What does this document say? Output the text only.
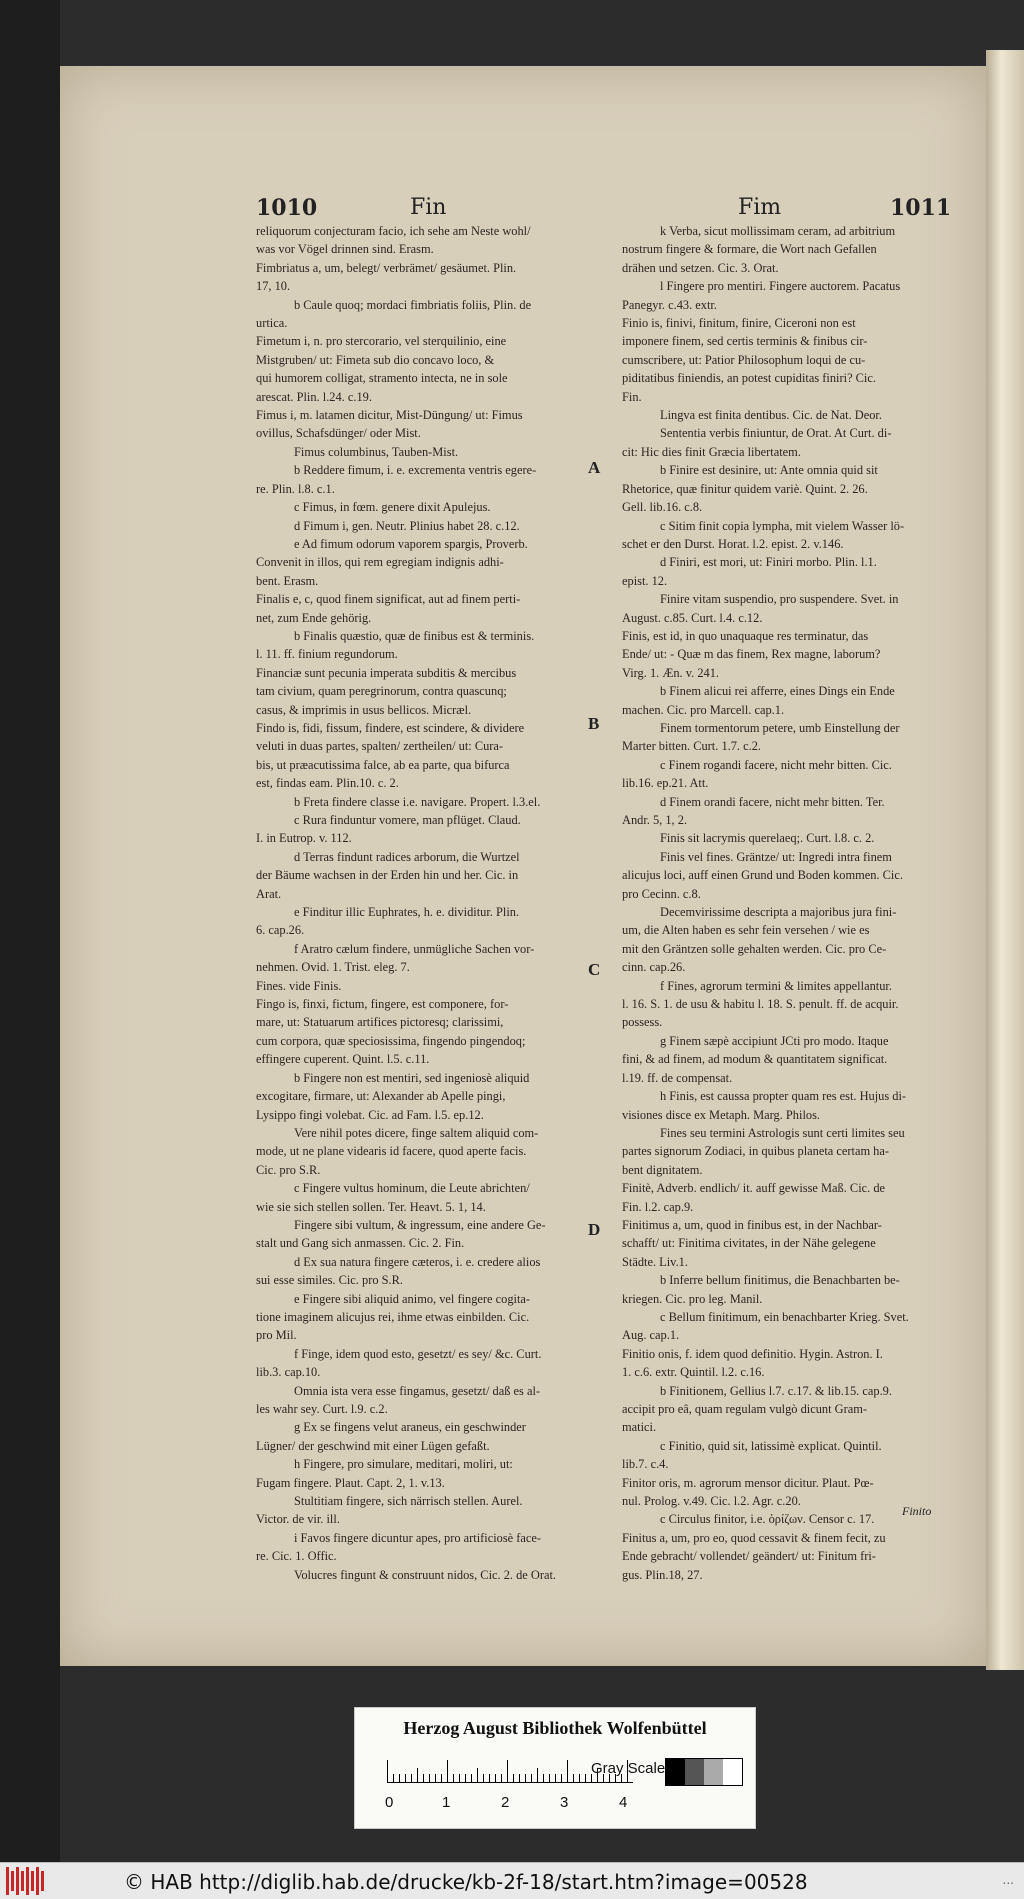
1010	Fin	Fim	1011

reliquorum conjecturam facio, ich sehe am Neste wohl/

was vor Vögel drinnen sind. Erasm.

Fimbriatus a, um, belegt/ verbrämet/ gesäumet. Plin.

17, 10.

b Caule quoq; mordaci fimbriatis foliis, Plin. de

urtica.

Fimetum i, n. pro stercorario, vel sterquilinio, eine

Mistgruben/ ut: Fimeta sub dio concavo loco, &

qui humorem colligat, stramento intecta, ne in sole

arescat. Plin. l.24. c.19.

Fimus i, m. latamen dicitur, Mist-Düngung/ ut: Fimus

ovillus, Schafsdünger/ oder Mist.

Fimus columbinus, Tauben-Mist.

b Reddere fimum, i. e. excrementa ventris egere-

re. Plin. l.8. c.1.

c Fimus, in fœm. genere dixit Apulejus.

d Fimum i, gen. Neutr. Plinius habet 28. c.12.

e Ad fimum odorum vaporem spargis, Proverb.

Convenit in illos, qui rem egregiam indignis adhi-

bent. Erasm.

Finalis e, c, quod finem significat, aut ad finem perti-

net, zum Ende gehörig.

b Finalis quæstio, quæ de finibus est & terminis.

l. 11. ff. finium regundorum.

Financiæ sunt pecunia imperata subditis & mercibus

tam civium, quam peregrinorum, contra quascunq;

casus, & imprimis in usus bellicos. Micræl.

Findo is, fidi, fissum, findere, est scindere, & dividere

veluti in duas partes, spalten/ zertheilen/ ut: Cura-

bis, ut præacutissima falce, ab ea parte, qua bifurca

est, findas eam. Plin.10. c. 2.

b Freta findere classe i.e. navigare. Propert. l.3.el.

c Rura finduntur vomere, man pflüget. Claud.

I. in Eutrop. v. 112.

d Terras findunt radices arborum, die Wurtzel

der Bäume wachsen in der Erden hin und her. Cic. in

Arat.

e Finditur illic Euphrates, h. e. dividitur. Plin.

6. cap.26.

f Aratro cælum findere, unmügliche Sachen vor-

nehmen. Ovid. 1. Trist. eleg. 7.

Fines. vide Finis.

Fingo is, finxi, fictum, fingere, est componere, for-

mare, ut: Statuarum artifices pictoresq; clarissimi,

cum corpora, quæ speciosissima, fingendo pingendoq;

effingere cuperent. Quint. l.5. c.11.

b Fingere non est mentiri, sed ingeniosè aliquid

excogitare, firmare, ut: Alexander ab Apelle pingi,

Lysippo fingi volebat. Cic. ad Fam. l.5. ep.12.

Vere nihil potes dicere, finge saltem aliquid com-

mode, ut ne plane videaris id facere, quod aperte facis.

Cic. pro S.R.

c Fingere vultus hominum, die Leute abrichten/

wie sie sich stellen sollen. Ter. Heavt. 5. 1, 14.

Fingere sibi vultum, & ingressum, eine andere Ge-

stalt und Gang sich anmassen. Cic. 2. Fin.

d Ex sua natura fingere cæteros, i. e. credere alios

sui esse similes. Cic. pro S.R.

e Fingere sibi aliquid animo, vel fingere cogita-

tione imaginem alicujus rei, ihme etwas einbilden. Cic.

pro Mil.

f Finge, idem quod esto, gesetzt/ es sey/ &c. Curt.

lib.3. cap.10.

Omnia ista vera esse fingamus, gesetzt/ daß es al-

les wahr sey. Curt. l.9. c.2.

g Ex se fingens velut araneus, ein geschwinder

Lügner/ der geschwind mit einer Lügen gefaßt.

h Fingere, pro simulare, meditari, moliri, ut:

Fugam fingere. Plaut. Capt. 2, 1. v.13.

Stultitiam fingere, sich närrisch stellen. Aurel.

Victor. de vir. ill.

i Favos fingere dicuntur apes, pro artificiosè face-

re. Cic. 1. Offic.

Volucres fingunt & construunt nidos, Cic. 2. de Orat.

k Verba, sicut mollissimam ceram, ad arbitrium

nostrum fingere & formare, die Wort nach Gefallen

drähen und setzen. Cic. 3. Orat.

l Fingere pro mentiri. Fingere auctorem. Pacatus

Panegyr. c.43. extr.

Finio is, finivi, finitum, finire, Ciceroni non est

imponere finem, sed certis terminis & finibus cir-

cumscribere, ut: Patior Philosophum loqui de cu-

piditatibus finiendis, an potest cupiditas finiri? Cic.

Fin.

Lingva est finita dentibus. Cic. de Nat. Deor.

Sententia verbis finiuntur, de Orat. At Curt. di-

cit: Hic dies finit Græcia libertatem.

b Finire est desinire, ut: Ante omnia quid sit

Rhetorice, quæ finitur quidem variè. Quint. 2. 26.

Gell. lib.16. c.8.

c Sitim finit copia lympha, mit vielem Wasser lö-

schet er den Durst. Horat. l.2. epist. 2. v.146.

d Finiri, est mori, ut: Finiri morbo. Plin. l.1.

epist. 12.

Finire vitam suspendio, pro suspendere. Svet. in

August. c.85. Curt. l.4. c.12.

Finis, est id, in quo unaquaque res terminatur, das

Ende/ ut: - Quæ m das finem, Rex magne, laborum?

Virg. 1. Æn. v. 241.

b Finem alicui rei afferre, eines Dings ein Ende

machen. Cic. pro Marcell. cap.1.

Finem tormentorum petere, umb Einstellung der

Marter bitten. Curt. 1.7. c.2.

c Finem rogandi facere, nicht mehr bitten. Cic.

lib.16. ep.21. Att.

d Finem orandi facere, nicht mehr bitten. Ter.

Andr. 5, 1, 2.

Finis sit lacrymis querelaeq;. Curt. l.8. c. 2.

Finis vel fines. Gräntze/ ut: Ingredi intra finem

alicujus loci, auff einen Grund und Boden kommen. Cic.

pro Cecinn. c.8.

Decemvirissime descripta a majoribus jura fini-

um, die Alten haben es sehr fein versehen / wie es

mit den Gräntzen solle gehalten werden. Cic. pro Ce-

cinn. cap.26.

f Fines, agrorum termini & limites appellantur.

l. 16. S. 1. de usu & habitu l. 18. S. penult. ff. de acquir.

possess.

g Finem sæpè accipiunt JCti pro modo. Itaque

fini, & ad finem, ad modum & quantitatem significat.

l.19. ff. de compensat.

h Finis, est caussa propter quam res est. Hujus di-

visiones disce ex Metaph. Marg. Philos.

Fines seu termini Astrologis sunt certi limites seu

partes signorum Zodiaci, in quibus planeta certam ha-

bent dignitatem.

Finitè, Adverb. endlich/ it. auff gewisse Maß. Cic. de

Fin. l.2. cap.9.

Finitimus a, um, quod in finibus est, in der Nachbar-

schafft/ ut: Finitima civitates, in der Nähe gelegene

Städte. Liv.1.

b Inferre bellum finitimus, die Benachbarten be-

kriegen. Cic. pro leg. Manil.

c Bellum finitimum, ein benachbarter Krieg. Svet.

Aug. cap.1.

Finitio onis, f. idem quod definitio. Hygin. Astron. I.

1. c.6. extr. Quintil. l.2. c.16.

b Finitionem, Gellius l.7. c.17. & lib.15. cap.9.

accipit pro eâ, quam regulam vulgò dicunt Gram-

matici.

c Finitio, quid sit, latissimè explicat. Quintil.

lib.7. c.4.

Finitor oris, m. agrorum mensor dicitur. Plaut. Pœ-

nul. Prolog. v.49. Cic. l.2. Agr. c.20.

c Circulus finitor, i.e. ὁρίζων. Censor c. 17.

Finitus a, um, pro eo, quod cessavit & finem fecit, zu

Ende gebracht/ vollendet/ geändert/ ut: Finitum fri-

gus. Plin.18, 27.

A
B
C
D
Finito
Herzog August Bibliothek Wolfenbüttel
0	1	2	3	4
Gray Scale
© HAB http://diglib.hab.de/drucke/kb-2f-18/start.htm?image=00528	...
